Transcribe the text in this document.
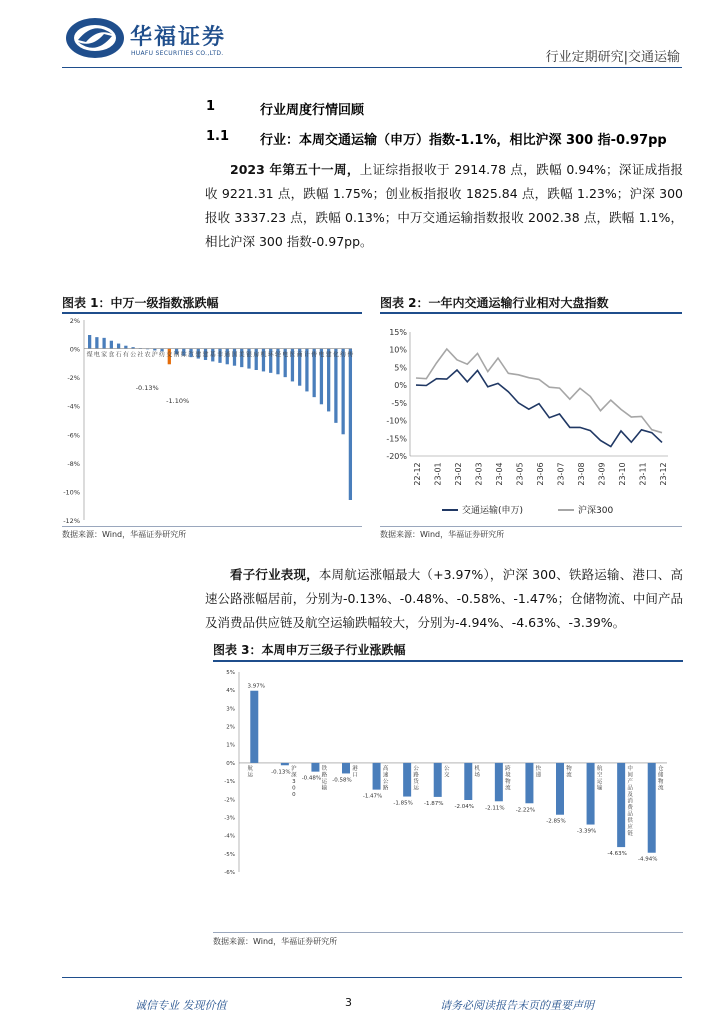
华福证券
HUAFU SECURITIES CO.,LTD.	行业定期研究|交通运输
1	行业周度行情回顾
1.1 行业：本周交通运输（申万）指数-1.1%，相比沪深 300 指-0.97pp
2023 年第五十一周，上证综指报收于 2914.78 点，跌幅 0.94%；深证成指报收 9221.31 点，跌幅 1.75%；创业板指报收 1825.84 点，跌幅 1.23%；沪深 300 报收 3337.23 点，跌幅 0.13%；中万交通运输指数报收 2002.38 点，跌幅 1.1%，相比沪深 300 指数-0.97pp。
图表 1：中万一级指数涨跌幅
2%
0%
-2%
-4%
-6%
-8%
-10%
-12%
煤 电 家 食 石 有 公 社 农 沪 纺 交 钢 综 汽 建 建 基 非 通 国 美 银 房 机 环 轻 电 医 商 计 传 电 建 化 纺 传
-0.13%
-1.10%
数据来源：Wind，华福证券研究所
图表 2：一年内交通运输行业相对大盘指数
15%
10%
5%
0%
-5%
-10%
-15%
-20%
22-12 23-01 23-02 23-03 23-04 23-05 23-06 23-07 23-08 23-09 23-10 23-11 23-12
交通运输(申万)	沪深300
数据来源：Wind，华福证券研究所
看子行业表现，本周航运涨幅最大（+3.97%），沪深 300、铁路运输、港口、高速公路涨幅居前，分别为-0.13%、-0.48%、-0.58%、-1.47%；仓储物流、中间产品及消费品供应链及航空运输跌幅较大，分别为-4.94%、-4.63%、-3.39%。
图表 3：本周申万三级子行业涨跌幅
5%
4%
3%
2%
1%
0%
-1%
-2%
-3%
-4%
-5%
-6%
3.97%
航运
-0.13%
沪深 3 0 0
-0.48%
铁路运输
-0.58%
港口
-1.47%
高速公路
-1.85%
公路货运
-1.87%
公交
-2.04%
机场
-2.11%
跨境物流
-2.22%
快递
-2.85%
物流
-3.39%
航空运输
-4.63%
中间产品及消费品供应链
-4.94%
仓储物流
数据来源：Wind，华福证券研究所
诚信专业 发现价值	3	请务必阅读报告末页的重要声明
